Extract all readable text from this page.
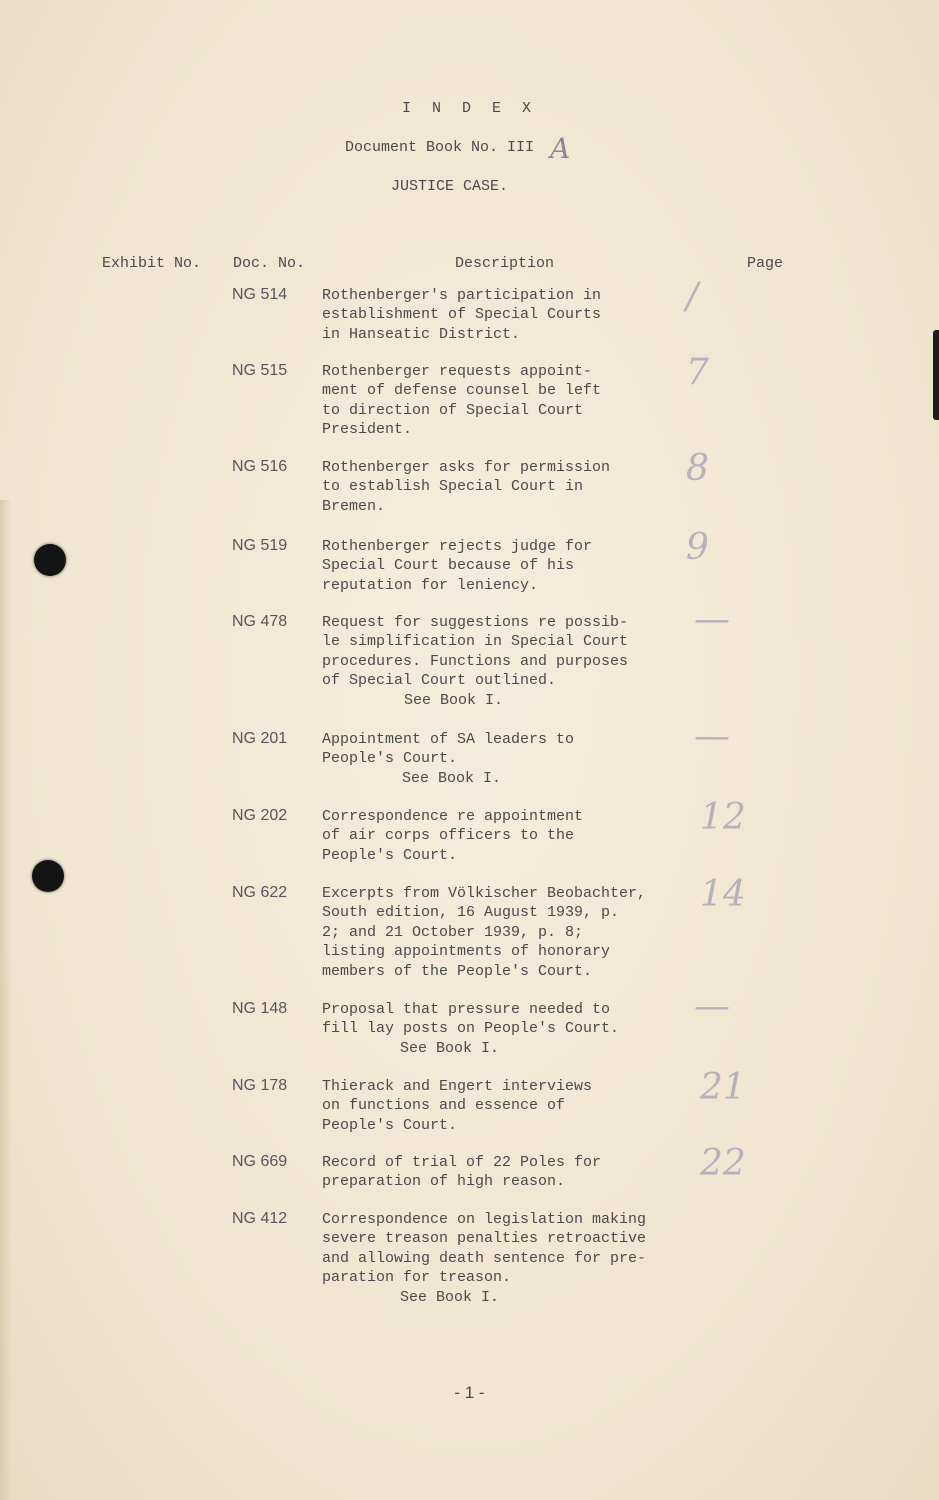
I N D E X
Document Book No. III A
JUSTICE CASE.
Exhibit No. Doc. No.	Description	Page
NG 514 Rothenberger's participation in
establishment of Special Courts
in Hanseatic District.
/
NG 515 Rothenberger requests appoint-
ment of defense counsel be left
to direction of Special Court
President.
7
NG 516 Rothenberger asks for permission
to establish Special Court in
Bremen.
8
NG 519 Rothenberger rejects judge for
Special Court because of his
reputation for leniency.
9
NG 478 Request for suggestions re possib-
le simplification in Special Court
procedures. Functions and purposes
of Special Court outlined.
See Book I.
—
NG 201 Appointment of SA leaders to
People's Court.
See Book I.
—
NG 202 Correspondence re appointment
of air corps officers to the
People's Court.
12
NG 622 Excerpts from Völkischer Beobachter,
South edition, 16 August 1939, p.
2; and 21 October 1939, p. 8;
listing appointments of honorary
members of the People's Court.
14
NG 148 Proposal that pressure needed to
fill lay posts on People's Court.
See Book I.
—
NG 178 Thierack and Engert interviews
on functions and essence of
People's Court.
21
NG 669 Record of trial of 22 Poles for
preparation of high reason.	22
NG 412 Correspondence on legislation making
severe treason penalties retroactive
and allowing death sentence for pre-
paration for treason.
See Book I.
- 1 -
